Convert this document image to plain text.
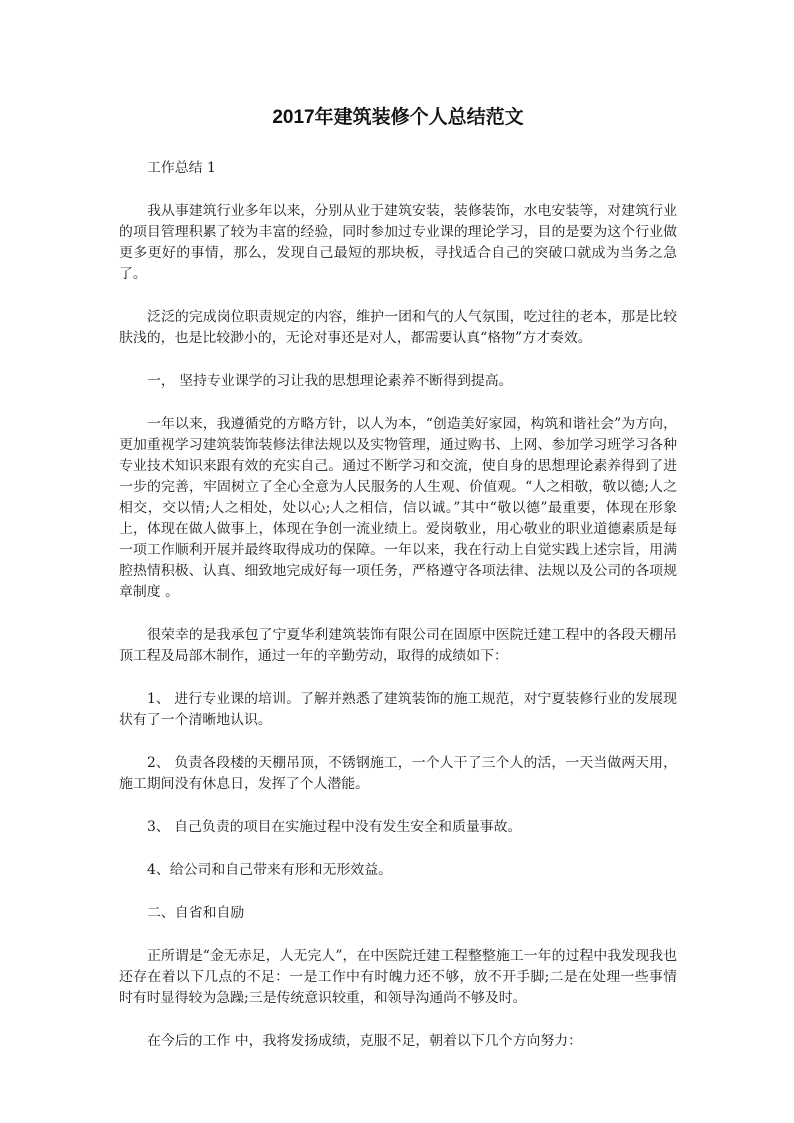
2017年建筑装修个人总结范文

工作总结 1

我从事建筑行业多年以来，分别从业于建筑安装，装修装饰，水电安装等，对建筑行业的项目管理积累了较为丰富的经验，同时参加过专业课的理论学习，目的是要为这个行业做更多更好的事情，那么，发现自己最短的那块板，寻找适合自己的突破口就成为当务之急了。

泛泛的完成岗位职责规定的内容，维护一团和气的人气氛围，吃过往的老本，那是比较肤浅的，也是比较渺小的，无论对事还是对人，都需要认真“格物”方才奏效。

一， 坚持专业课学的习让我的思想理论素养不断得到提高。

一年以来，我遵循党的方略方针，以人为本，“创造美好家园，构筑和谐社会”为方向，更加重视学习建筑装饰装修法律法规以及实物管理，通过购书、上网、参加学习班学习各种专业技术知识来跟有效的充实自己。通过不断学习和交流，使自身的思想理论素养得到了进一步的完善，牢固树立了全心全意为人民服务的人生观、价值观。“人之相敬，敬以德;人之相交，交以情;人之相处，处以心;人之相信，信以诚。”其中“敬以德”最重要，体现在形象上，体现在做人做事上，体现在争创一流业绩上。爱岗敬业，用心敬业的职业道德素质是每一项工作顺利开展并最终取得成功的保障。一年以来，我在行动上自觉实践上述宗旨，用满腔热情积极、认真、细致地完成好每一项任务，严格遵守各项法律、法规以及公司的各项规章制度 。

很荣幸的是我承包了宁夏华利建筑装饰有限公司在固原中医院迁建工程中的各段天棚吊顶工程及局部木制作，通过一年的辛勤劳动，取得的成绩如下：

1、 进行专业课的培训。了解并熟悉了建筑装饰的施工规范，对宁夏装修行业的发展现状有了一个清晰地认识。

2、 负责各段楼的天棚吊顶，不锈钢施工，一个人干了三个人的活，一天当做两天用，施工期间没有休息日，发挥了个人潜能。

3、 自己负责的项目在实施过程中没有发生安全和质量事故。

4、给公司和自己带来有形和无形效益。

二、自省和自励

正所谓是“金无赤足，人无完人”，在中医院迁建工程整整施工一年的过程中我发现我也还存在着以下几点的不足：一是工作中有时魄力还不够，放不开手脚;二是在处理一些事情时有时显得较为急躁;三是传统意识较重，和领导沟通尚不够及时。

在今后的工作 中，我将发扬成绩，克服不足，朝着以下几个方向努力：
